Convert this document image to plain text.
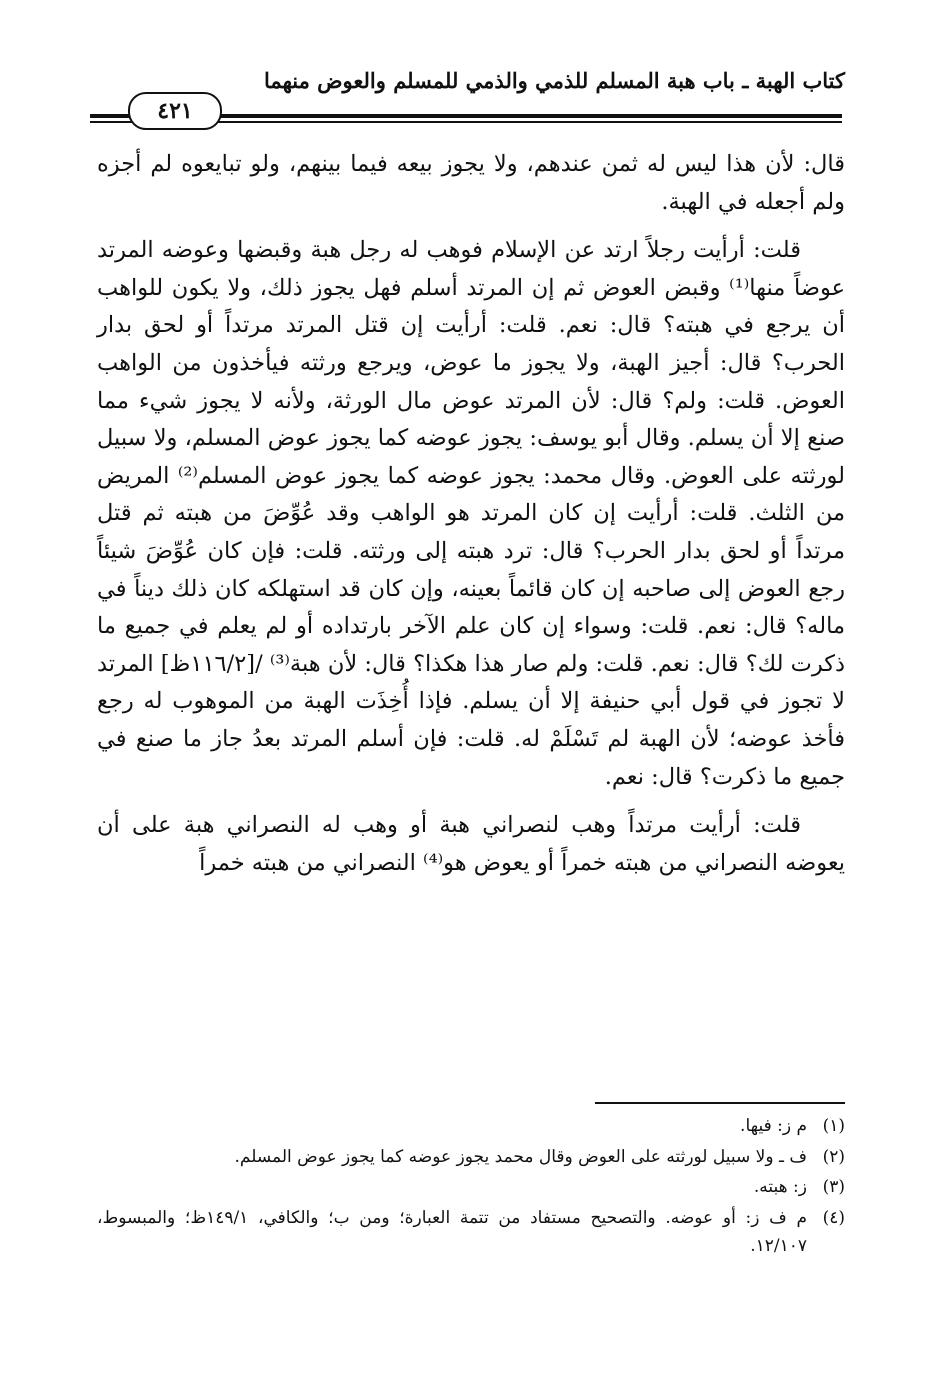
كتاب الهبة ـ باب هبة المسلم للذمي والذمي للمسلم والعوض منهما
٤٢١

قال: لأن هذا ليس له ثمن عندهم، ولا يجوز بيعه فيما بينهم، ولو تبايعوه لم أجزه ولم أجعله في الهبة.

قلت: أرأيت رجلاً ارتد عن الإسلام فوهب له رجل هبة وقبضها وعوضه المرتد عوضاً منها⁽¹⁾ وقبض العوض ثم إن المرتد أسلم فهل يجوز ذلك، ولا يكون للواهب أن يرجع في هبته؟ قال: نعم. قلت: أرأيت إن قتل المرتد مرتداً أو لحق بدار الحرب؟ قال: أجيز الهبة، ولا يجوز ما عوض، ويرجع ورثته فيأخذون من الواهب العوض. قلت: ولم؟ قال: لأن المرتد عوض مال الورثة، ولأنه لا يجوز شيء مما صنع إلا أن يسلم. وقال أبو يوسف: يجوز عوضه كما يجوز عوض المسلم، ولا سبيل لورثته على العوض. وقال محمد: يجوز عوضه كما يجوز عوض المسلم⁽²⁾ المريض من الثلث. قلت: أرأيت إن كان المرتد هو الواهب وقد عُوِّضَ من هبته ثم قتل مرتداً أو لحق بدار الحرب؟ قال: ترد هبته إلى ورثته. قلت: فإن كان عُوِّضَ شيئاً رجع العوض إلى صاحبه إن كان قائماً بعينه، وإن كان قد استهلكه كان ذلك ديناً في ماله؟ قال: نعم. قلت: وسواء إن كان علم الآخر بارتداده أو لم يعلم في جميع ما ذكرت لك؟ قال: نعم. قلت: ولم صار هذا هكذا؟ قال: لأن هبة⁽³⁾ /[١١٦/٢ظ] المرتد لا تجوز في قول أبي حنيفة إلا أن يسلم. فإذا أُخِذَت الهبة من الموهوب له رجع فأخذ عوضه؛ لأن الهبة لم تَسْلَمْ له. قلت: فإن أسلم المرتد بعدُ جاز ما صنع في جميع ما ذكرت؟ قال: نعم.

قلت: أرأيت مرتداً وهب لنصراني هبة أو وهب له النصراني هبة على أن يعوضه النصراني من هبته خمراً أو يعوض هو⁽⁴⁾ النصراني من هبته خمراً

(١)
م ز: فيها.
(٢)
ف ـ ولا سبيل لورثته على العوض وقال محمد يجوز عوضه كما يجوز عوض المسلم.
(٣)
ز: هبته.
(٤)
م ف ز: أو عوضه. والتصحيح مستفاد من تتمة العبارة؛ ومن ب؛ والكافي، ١٤٩/١ظ؛ والمبسوط، ١٢/١٠٧.
